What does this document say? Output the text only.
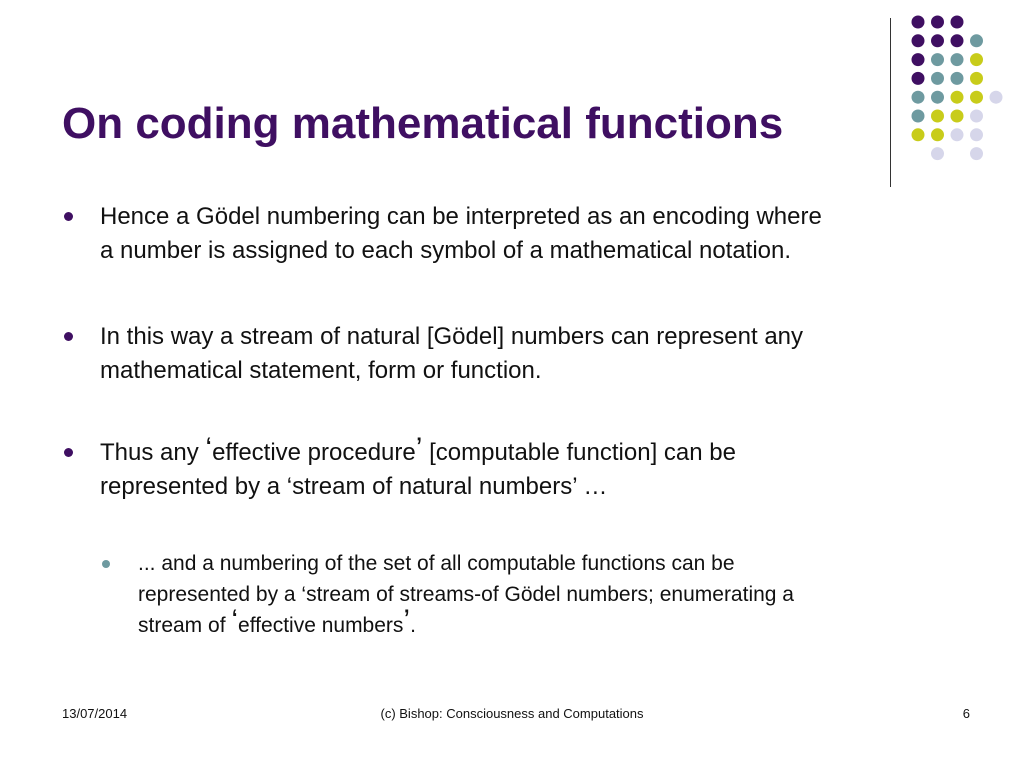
On coding mathematical functions
Hence a Gödel numbering can be interpreted as an encoding where
a number is assigned to each symbol of a mathematical notation.
In this way a stream of natural [Gödel] numbers can represent any
mathematical statement, form or function.
Thus any ‘effective procedure’ [computable function] can be
represented by a ‘stream of natural numbers’ …
... and a numbering of the set of all computable functions can be
represented by a ‘stream of streams-of Gödel numbers; enumerating a
stream of ‘effective numbers’.
13/07/2014	(c) Bishop: Consciousness and Computations	6
